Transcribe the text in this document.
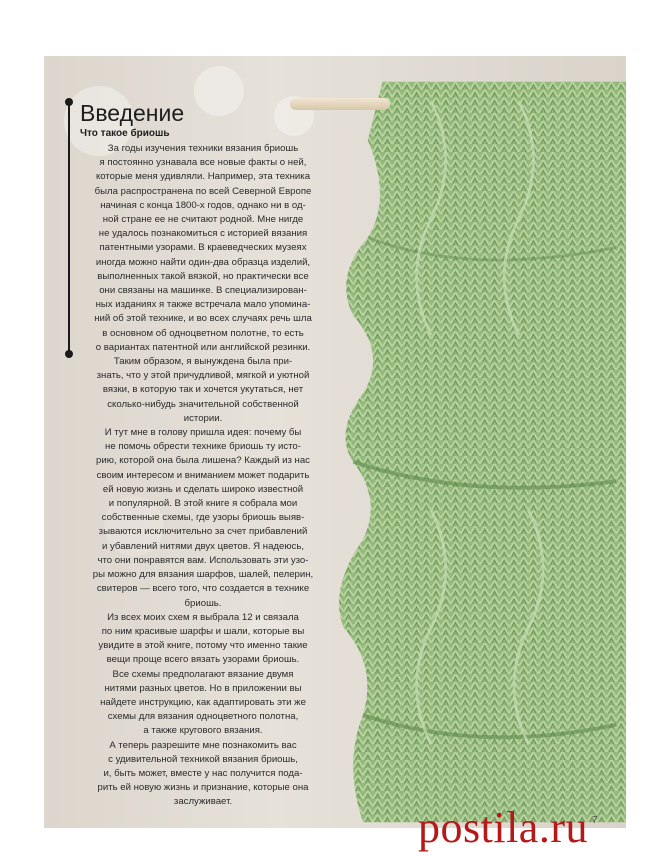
Введение
Что такое бриошь

За годы изучения техники вязания бриошь
я постоянно узнавала все новые факты о ней,
которые меня удивляли. Например, эта техника
была распространена по всей Северной Европе
начиная с конца 1800-х годов, однако ни в од-
ной стране ее не считают родной. Мне нигде
не удалось познакомиться с историей вязания
патентными узорами. В краеведческих музеях
иногда можно найти один-два образца изделий,
выполненных такой вязкой, но практически все
они связаны на машинке. В специализирован-
ных изданиях я также встречала мало упомина-
ний об этой технике, и во всех случаях речь шла
в основном об одноцветном полотне, то есть
о вариантах патентной или английской резинки.

Таким образом, я вынуждена была при-
знать, что у этой причудливой, мягкой и уютной
вязки, в которую так и хочется укутаться, нет
сколько-нибудь значительной собственной
истории.

И тут мне в голову пришла идея: почему бы
не помочь обрести технике бриошь ту исто-
рию, которой она была лишена? Каждый из нас
своим интересом и вниманием может подарить
ей новую жизнь и сделать широко известной
и популярной. В этой книге я собрала мои
собственные схемы, где узоры бриошь выяв-
зываются исключительно за счет прибавлений
и убавлений нитями двух цветов. Я надеюсь,
что они понравятся вам. Использовать эти узо-
ры можно для вязания шарфов, шалей, пелерин,
свитеров — всего того, что создается в технике
бриошь.

Из всех моих схем я выбрала 12 и связала
по ним красивые шарфы и шали, которые вы
увидите в этой книге, потому что именно такие
вещи проще всего вязать узорами бриошь.

Все схемы предполагают вязание двумя
нитями разных цветов. Но в приложении вы
найдете инструкцию, как адаптировать эти же
схемы для вязания одноцветного полотна,
а также кругового вязания.

А теперь разрешите мне познакомить вас
с удивительной техникой вязания бриошь,
и, быть может, вместе у нас получится пода-
рить ей новую жизнь и признание, которые она
заслуживает.

postila.ru 7
